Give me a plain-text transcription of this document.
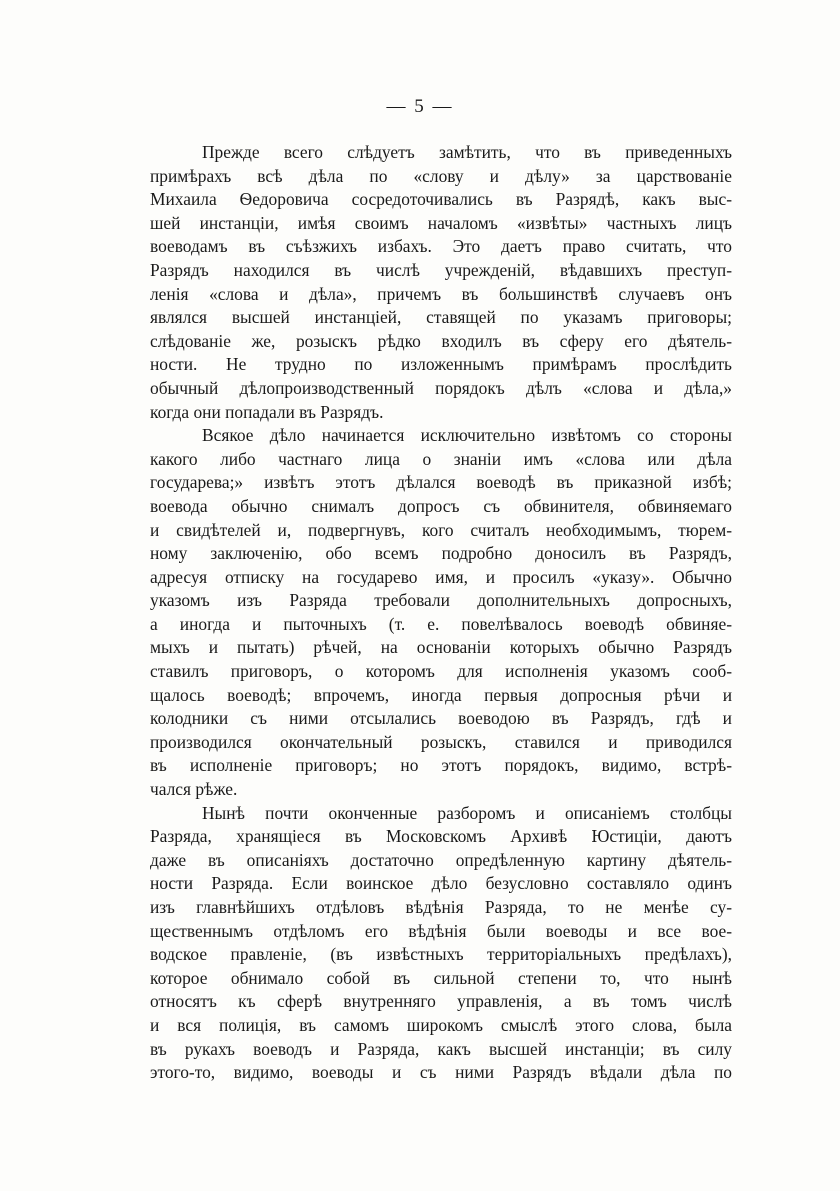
— 5 —
Прежде всего слѣдуетъ замѣтить, что въ приведенныхъ
примѣрахъ всѣ дѣла по «слову и дѣлу» за царствованіе
Михаила Ѳедоровича сосредоточивались въ Разрядѣ, какъ выс-
шей инстанціи, имѣя своимъ началомъ «извѣты» частныхъ лицъ
воеводамъ въ съѣзжихъ избахъ. Это даетъ право считать, что
Разрядъ находился въ числѣ учрежденій, вѣдавшихъ преступ-
ленія «слова и дѣла», причемъ въ большинствѣ случаевъ онъ
являлся высшей инстанціей, ставящей по указамъ приговоры;
слѣдованіе же, розыскъ рѣдко входилъ въ сферу его дѣятель-
ности. Не трудно по изложеннымъ примѣрамъ прослѣдить
обычный дѣлопроизводственный порядокъ дѣлъ «слова и дѣла,»
когда они попадали въ Разрядъ.
Всякое дѣло начинается исключительно извѣтомъ со стороны
какого либо частнаго лица о знаніи имъ «слова или дѣла
государева;» извѣтъ этотъ дѣлался воеводѣ въ приказной избѣ;
воевода обычно снималъ допросъ съ обвинителя, обвиняемаго
и свидѣтелей и, подвергнувъ, кого считалъ необходимымъ, тюрем-
ному заключенію, обо всемъ подробно доносилъ въ Разрядъ,
адресуя отписку на государево имя, и просилъ «указу». Обычно
указомъ изъ Разряда требовали дополнительныхъ допросныхъ,
а иногда и пыточныхъ (т. е. повелѣвалось воеводѣ обвиняе-
мыхъ и пытать) рѣчей, на основаніи которыхъ обычно Разрядъ
ставилъ приговоръ, о которомъ для исполненія указомъ сооб-
щалось воеводѣ; впрочемъ, иногда первыя допросныя рѣчи и
колодники съ ними отсылались воеводою въ Разрядъ, гдѣ и
производился окончательный розыскъ, ставился и приводился
въ исполненіе приговоръ; но этотъ порядокъ, видимо, встрѣ-
чался рѣже.
Нынѣ почти оконченные разборомъ и описаніемъ столбцы
Разряда, хранящіеся въ Московскомъ Архивѣ Юстиціи, даютъ
даже въ описаніяхъ достаточно опредѣленную картину дѣятель-
ности Разряда. Если воинское дѣло безусловно составляло одинъ
изъ главнѣйшихъ отдѣловъ вѣдѣнія Разряда, то не менѣе су-
щественнымъ отдѣломъ его вѣдѣнія были воеводы и все вое-
водское правленіе, (въ извѣстныхъ территоріальныхъ предѣлахъ),
которое обнимало собой въ сильной степени то, что нынѣ
относятъ къ сферѣ внутренняго управленія, а въ томъ числѣ
и вся полиція, въ самомъ широкомъ смыслѣ этого слова, была
въ рукахъ воеводъ и Разряда, какъ высшей инстанціи; въ силу
этого-то, видимо, воеводы и съ ними Разрядъ вѣдали дѣла по
